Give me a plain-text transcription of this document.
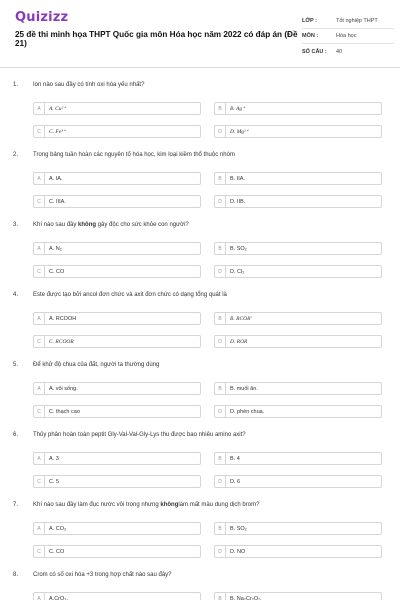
Quizizz
25 đề thi minh họa THPT Quốc gia môn Hóa học năm 2022 có đáp án (Đề 21)
LỚP :	Tốt nghiệp THPT
MÔN :	Hóa học
SỐ CÂU :	40
1. Ion nào sau đây có tính oxi hóa yếu nhất?
A	A. Cu²⁺	B	B. Ag⁺
C	C. Fe³⁺	D	D. Mg²⁺
2. Trong bảng tuần hoàn các nguyên tố hóa học, kim loại kiềm thổ thuộc nhóm
A	A. IA.	B	B. IIA.
C	C. IIIA.	D	D. IIB.
3. Khí nào sau đây không gây độc cho sức khỏe con người?
A	A. N₂	B	B. SO₂
C	C. CO	D	D. Cl₂
4. Este được tạo bởi ancol đơn chức và axit đơn chức có dạng tổng quát là
A	A. RCOOH	B	B. RCOR'
C	C. RCOOR	D	D. ROR
5. Để khử độ chua của đất, người ta thường dùng
A	A. vôi sống.	B	B. muối ăn.
C	C. thạch cao	D	D. phèn chua.
6. Thủy phân hoàn toàn peptit Gly-Val-Val-Gly-Lys thu được bao nhiêu amino axit?
A	A. 3	B	B. 4
C	C. 5	D	D. 6
7. Khí nào sau đây làm đục nước vôi trong nhưng khônglàm mất màu dung dịch brom?
A	A. CO₂	B	B. SO₂
C	C. CO	D	D. NO
8. Crom có số oxi hóa +3 trong hợp chất nào sau đây?
A	A.CrO₃.	B	B. Na₂Cr₂O₇.
